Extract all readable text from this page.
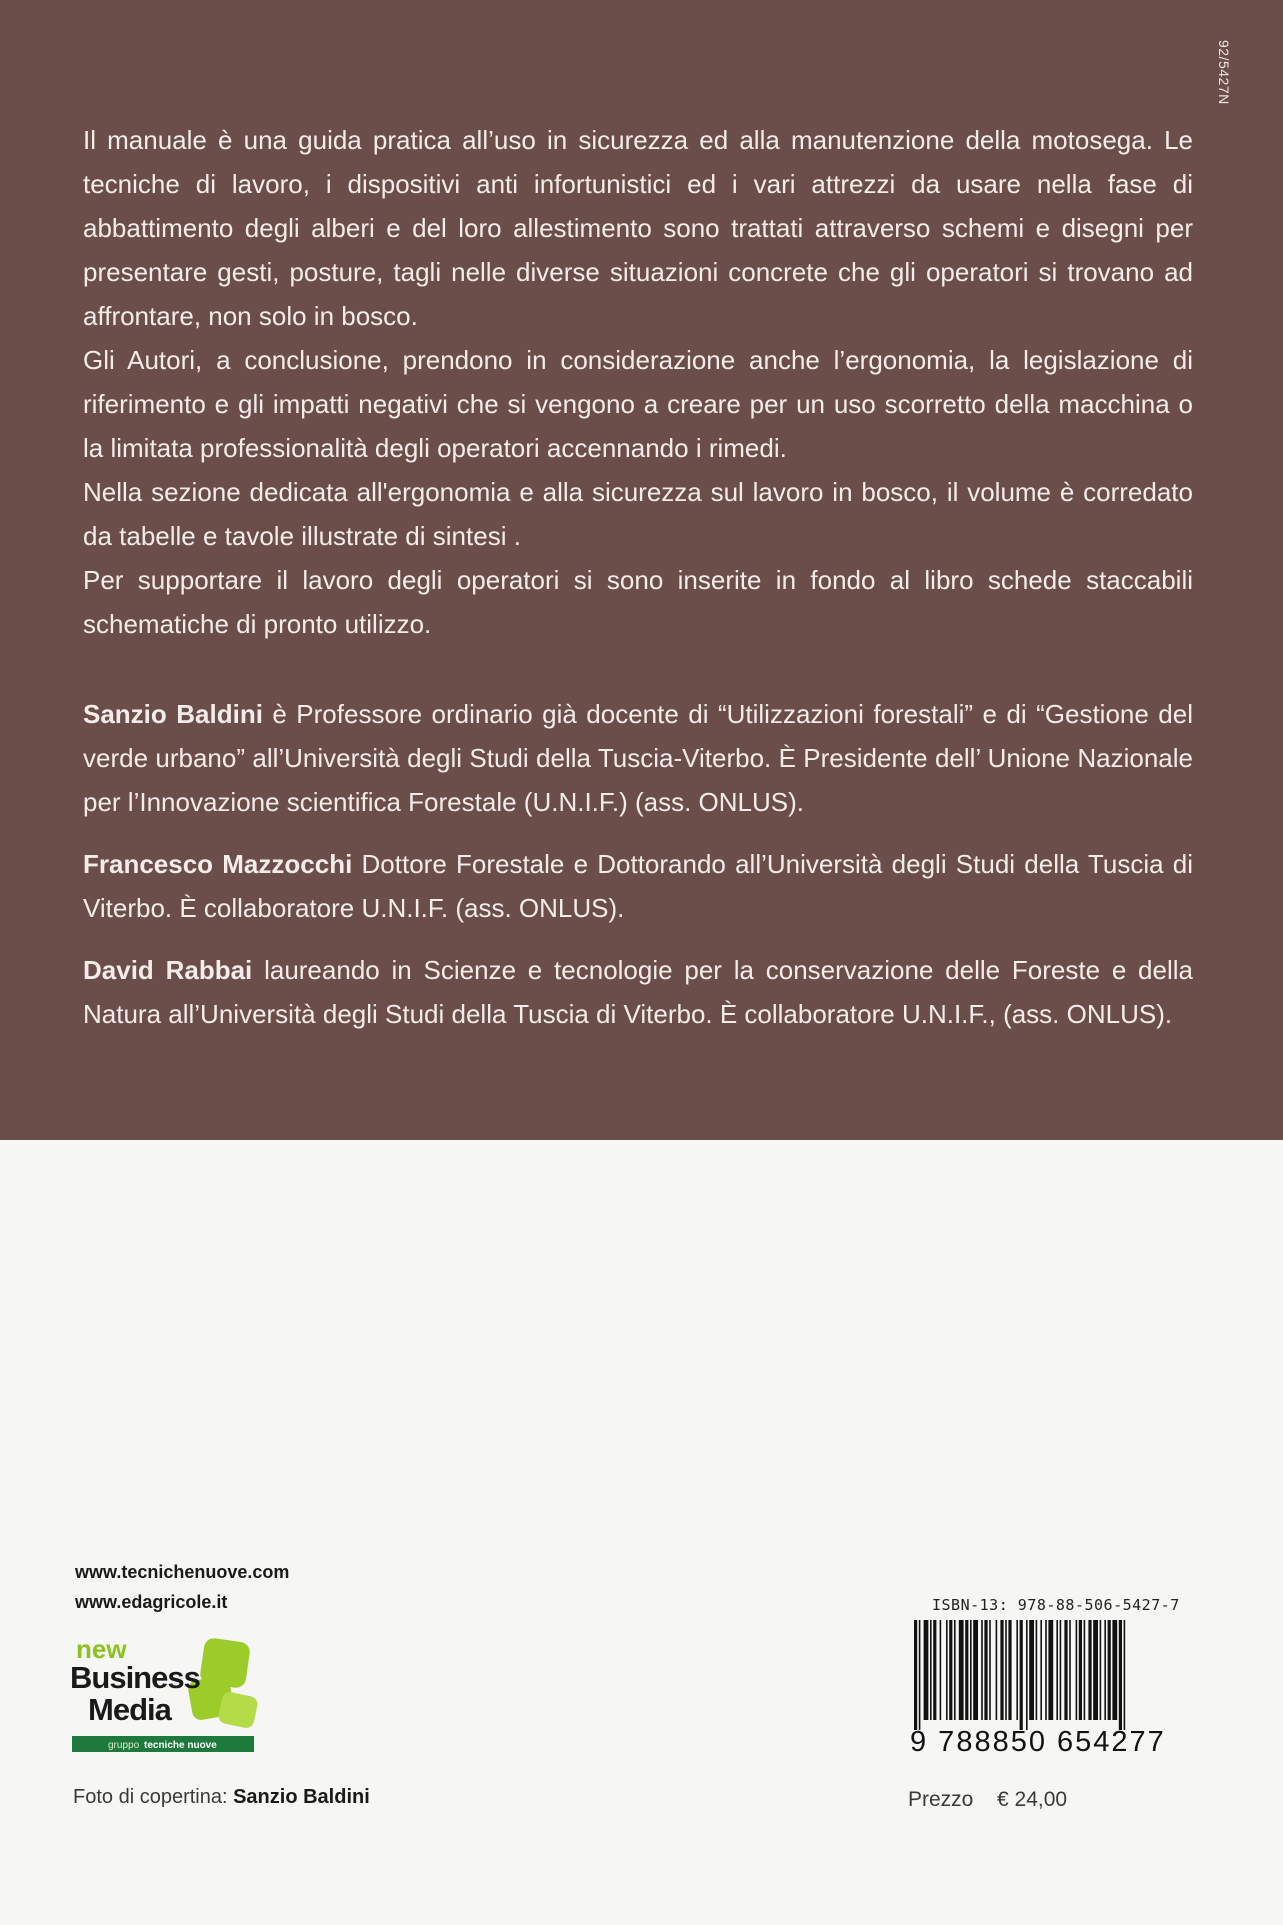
92/5427N

Il manuale è una guida pratica all’uso in sicurezza ed alla manutenzione della motosega. Le tecniche di lavoro, i dispositivi anti infortunistici ed i vari attrezzi da usare nella fase di abbattimento degli alberi e del loro allestimento sono trattati attraverso schemi e disegni per presentare gesti, posture, tagli nelle diverse situazioni concrete che gli operatori si trovano ad affrontare, non solo in bosco.

Gli Autori, a conclusione, prendono in considerazione anche l’ergonomia, la legislazione di riferimento e gli impatti negativi che si vengono a creare per un uso scorretto della macchina o la limitata professionalità degli operatori accennando i rimedi.

Nella sezione dedicata all'ergonomia e alla sicurezza sul lavoro in bosco, il volume è corredato da tabelle e tavole illustrate di sintesi .

Per supportare il lavoro degli operatori si sono inserite in fondo al libro schede staccabili schematiche di pronto utilizzo.

Sanzio Baldini è Professore ordinario già docente di “Utilizzazioni forestali” e di “Gestione del verde urbano” all’Università degli Studi della Tuscia-Viterbo. È Presidente dell’ Unione Nazionale per l’Innovazione scientifica Forestale (U.N.I.F.) (ass. ONLUS).

Francesco Mazzocchi Dottore Forestale e Dottorando all’Università degli Studi della Tuscia di Viterbo. È collaboratore U.N.I.F. (ass. ONLUS).

David Rabbai laureando in Scienze e tecnologie per la conservazione delle Foreste e della Natura all’Università degli Studi della Tuscia di Viterbo. È collaboratore U.N.I.F., (ass. ONLUS).

www.tecnichenuove.com
www.edagricole.it
new
Business
Media
gruppo tecniche nuove
Foto di copertina: Sanzio Baldini
ISBN-13: 978-88-506-5427-7
9 788850 654277
Prezzo € 24,00
